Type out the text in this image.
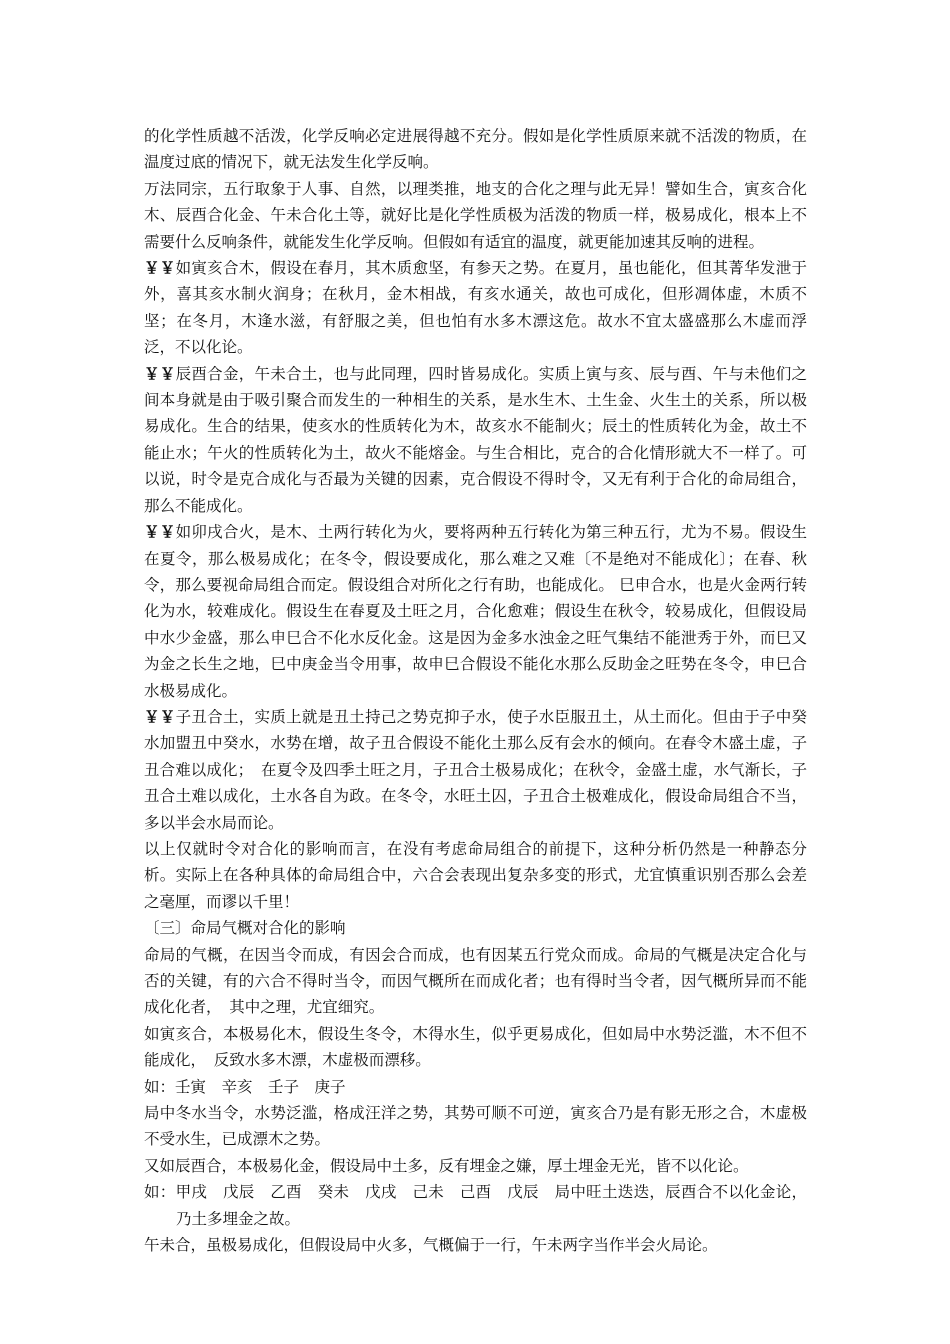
的化学性质越不活泼，化学反响必定进展得越不充分。假如是化学性质原来就不活泼的物质，在温度过底的情况下，就无法发生化学反响。

万法同宗，五行取象于人事、自然，以理类推，地支的合化之理与此无异！譬如生合，寅亥合化木、辰酉合化金、午未合化土等，就好比是化学性质极为活泼的物质一样，极易成化，根本上不需要什么反响条件，就能发生化学反响。但假如有适宜的温度，就更能加速其反响的进程。

￥￥如寅亥合木，假设在春月，其木质愈坚，有参天之势。在夏月，虽也能化，但其菁华发泄于外，喜其亥水制火润身；在秋月，金木相战，有亥水通关，故也可成化，但形凋体虚，木质不坚；在冬月，木逢水滋，有舒服之美，但也怕有水多木漂这危。故水不宜太盛盛那么木虚而浮泛，不以化论。

￥￥辰酉合金，午未合土，也与此同理，四时皆易成化。实质上寅与亥、辰与酉、午与未他们之间本身就是由于吸引聚合而发生的一种相生的关系，是水生木、土生金、火生土的关系，所以极易成化。生合的结果，使亥水的性质转化为木，故亥水不能制火；辰土的性质转化为金，故土不能止水；午火的性质转化为土，故火不能熔金。与生合相比，克合的合化情形就大不一样了。可以说，时令是克合成化与否最为关键的因素，克合假设不得时令，又无有利于合化的命局组合，那么不能成化。

￥￥如卯戌合火，是木、土两行转化为火，要将两种五行转化为第三种五行，尤为不易。假设生在夏令，那么极易成化；在冬令，假设要成化，那么难之又难〔不是绝对不能成化〕；在春、秋令，那么要视命局组合而定。假设组合对所化之行有助，也能成化。 巳申合水，也是火金两行转化为水，较难成化。假设生在春夏及土旺之月，合化愈难；假设生在秋令，较易成化，但假设局中水少金盛，那么申巳合不化水反化金。这是因为金多水浊金之旺气集结不能泄秀于外，而巳又为金之长生之地，巳中庚金当令用事，故申巳合假设不能化水那么反助金之旺势在冬令，申巳合水极易成化。

￥￥子丑合土，实质上就是丑土持己之势克抑子水，使子水臣服丑土，从土而化。但由于子中癸水加盟丑中癸水，水势在增，故子丑合假设不能化土那么反有会水的倾向。在春令木盛土虚，子丑合难以成化；　在夏令及四季土旺之月，子丑合土极易成化；在秋令，金盛土虚，水气渐长，子丑合土难以成化，土水各自为政。在冬令，水旺土囚，子丑合土极难成化，假设命局组合不当，多以半会水局而论。

以上仅就时令对合化的影响而言，在没有考虑命局组合的前提下，这种分析仍然是一种静态分析。实际上在各种具体的命局组合中，六合会表现出复杂多变的形式，尤宜慎重识别否那么会差之毫厘，而谬以千里！

〔三〕命局气概对合化的影响

命局的气概，在因当令而成，有因会合而成，也有因某五行党众而成。命局的气概是决定合化与否的关键，有的六合不得时当令，而因气概所在而成化者；也有得时当令者，因气概所异而不能成化化者，　其中之理，尤宜细究。

如寅亥合，本极易化木，假设生冬令，木得水生，似乎更易成化，但如局中水势泛滥，木不但不能成化，　反致水多木漂，木虚极而漂移。

如：壬寅　辛亥　壬子　庚子

局中冬水当令，水势泛滥，格成汪洋之势，其势可顺不可逆，寅亥合乃是有影无形之合，木虚极不受水生，已成漂木之势。

又如辰酉合，本极易化金，假设局中土多，反有埋金之嫌，厚土埋金无光，皆不以化论。

如：甲戌　戊辰　乙酉　癸未　戊戌　己未　己酉　戊辰　局中旺土迭迭，辰酉合不以化金论，乃土多埋金之故。

午未合，虽极易成化，但假设局中火多，气概偏于一行，午未两字当作半会火局论。
